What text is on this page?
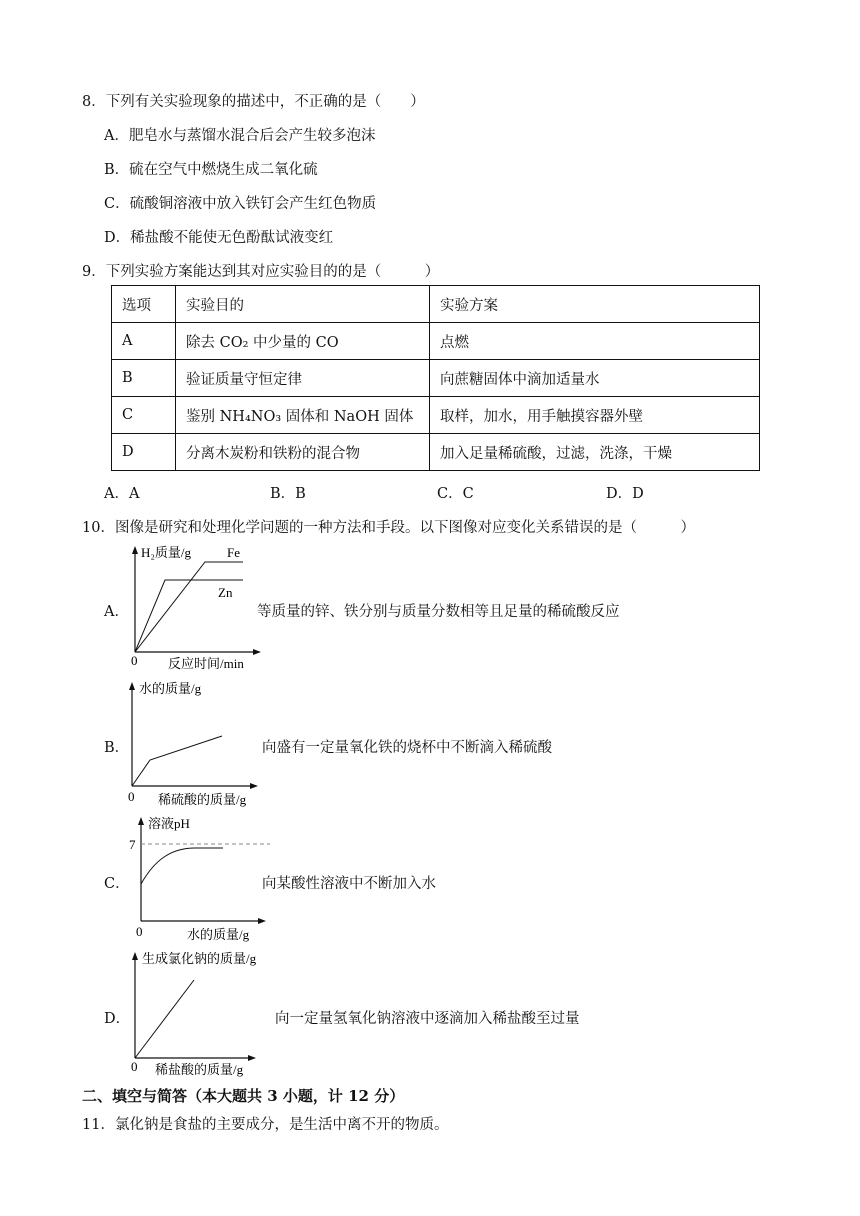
8．下列有关实验现象的描述中，不正确的是（　　）
A．肥皂水与蒸馏水混合后会产生较多泡沫
B．硫在空气中燃烧生成二氧化硫
C．硫酸铜溶液中放入铁钉会产生红色物质
D．稀盐酸不能使无色酚酞试液变红
9．下列实验方案能达到其对应实验目的的是（　　　）
选项	实验目的	实验方案
A	除去 CO₂ 中少量的 CO	点燃
B	验证质量守恒定律	向蔗糖固体中滴加适量水
C	鉴别 NH₄NO₃ 固体和 NaOH 固体	取样，加水，用手触摸容器外壁
D	分离木炭粉和铁粉的混合物	加入足量稀硫酸，过滤，洗涤，干燥
A．A	B．B	C．C	D．D
10．图像是研究和处理化学问题的一种方法和手段。以下图像对应变化关系错误的是（　　　）
A．
H₂质量/g	Fe
Zn
0 反应时间/min
等质量的锌、铁分别与质量分数相等且足量的稀硫酸反应
B．
水的质量/g
0 稀硫酸的质量/g
向盛有一定量氧化铁的烧杯中不断滴入稀硫酸
C．
溶液pH
7
0	水的质量/g
向某酸性溶液中不断加入水
D．
生成氯化钠的质量/g
0 稀盐酸的质量/g
向一定量氢氧化钠溶液中逐滴加入稀盐酸至过量
二、填空与简答（本大题共 3 小题，计 12 分）
11．氯化钠是食盐的主要成分，是生活中离不开的物质。
